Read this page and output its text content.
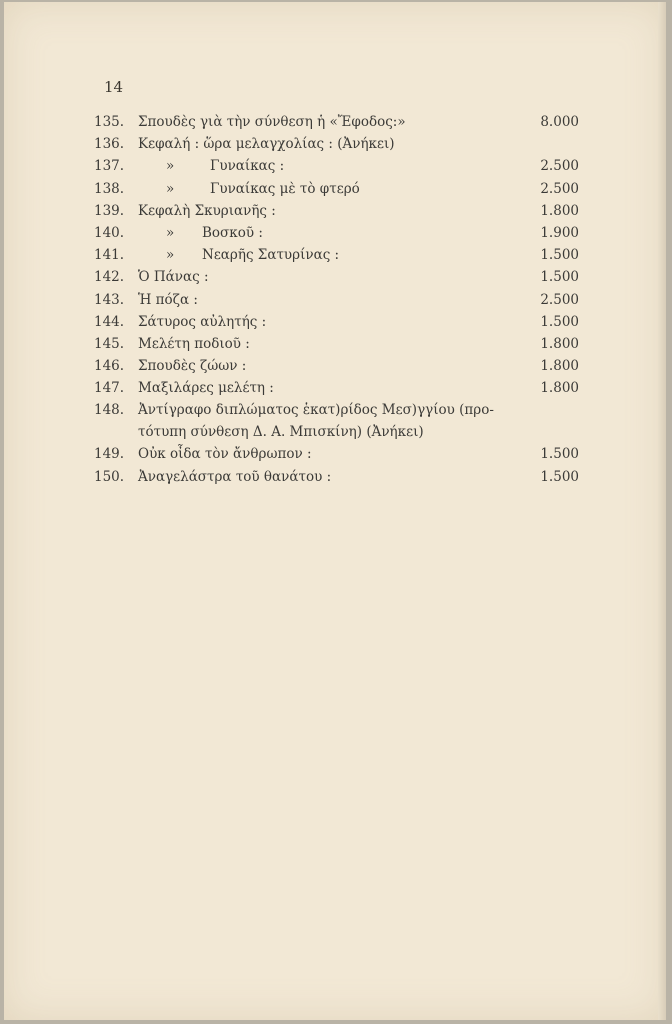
14
135. Σπουδὲς γιὰ τὴν σύνθεση ἡ «Ἔφοδος:»	8.000
136. Κεφαλή : ὥρα μελαγχολίας : (Ἀνήκει)
137.	»	Γυναίκας :	2.500
138.	»	Γυναίκας μὲ τὸ φτερό	2.500
139. Κεφαλὴ Σκυριανῆς :	1.800
140.	» Βοσκοῦ :	1.900
141.	» Νεαρῆς Σατυρίνας :	1.500
142. Ὁ Πάνας :	1.500
143. Ἡ πόζα :	2.500
144. Σάτυρος αὐλητής :	1.500
145. Μελέτη ποδιοῦ :	1.800
146. Σπουδὲς ζώων :	1.800
147. Μαξιλάρες μελέτη :	1.800
148. Ἀντίγραφο διπλώματος ἑκατ)ρίδος Μεσ)γγίου (προ-
τότυπη σύνθεση Δ. Α. Μπισκίνη) (Ἀνήκει)
149. Οὐκ οἶδα τὸν ἄνθρωπον :	1.500
150. Ἀναγελάστρα τοῦ θανάτου :	1.500
